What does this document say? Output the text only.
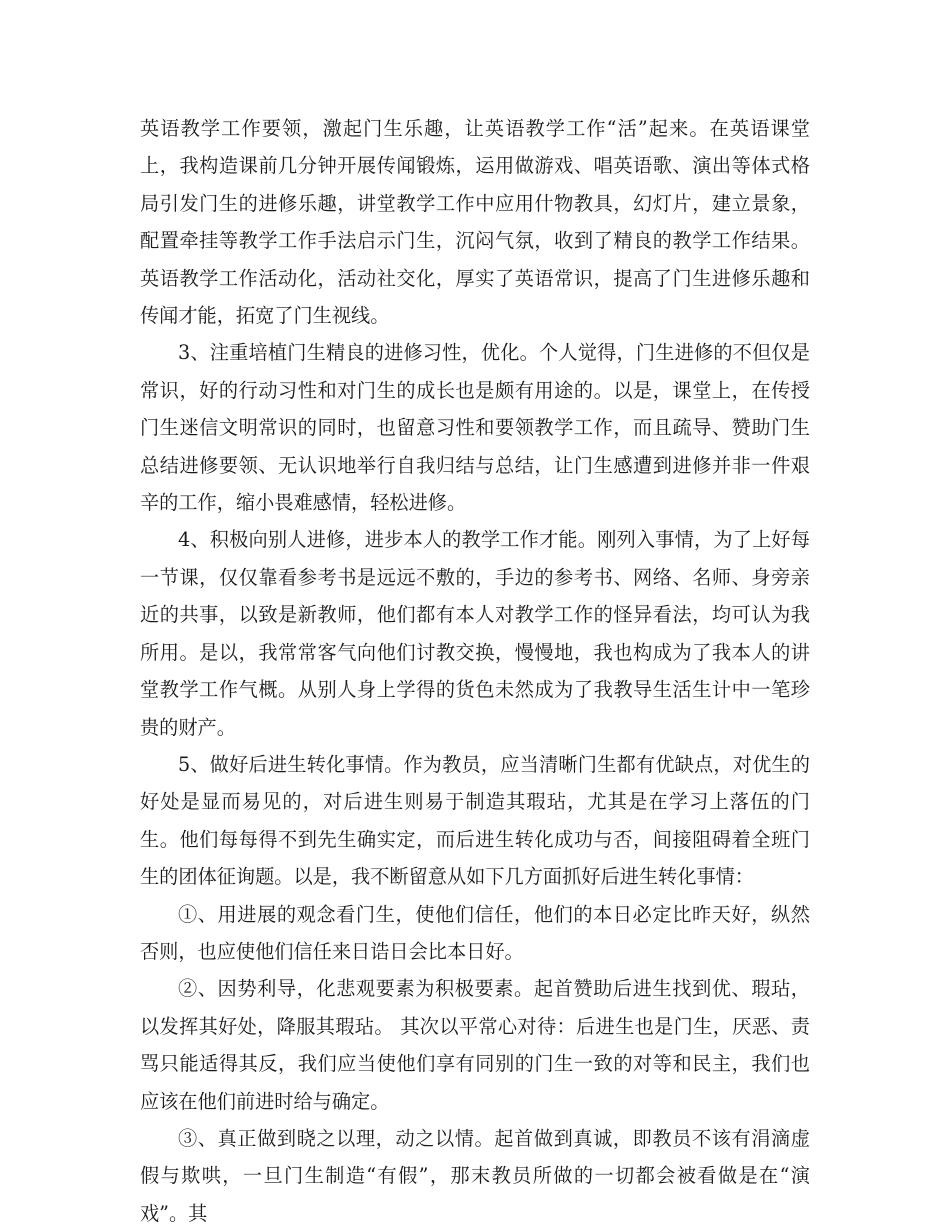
英语教学工作要领，激起门生乐趣，让英语教学工作“活”起来。在英语课堂上，我构造课前几分钟开展传闻锻炼，运用做游戏、唱英语歌、演出等体式格局引发门生的进修乐趣，讲堂教学工作中应用什物教具，幻灯片，建立景象，配置牵挂等教学工作手法启示门生，沉闷气氛，收到了精良的教学工作结果。英语教学工作活动化，活动社交化，厚实了英语常识，提高了门生进修乐趣和传闻才能，拓宽了门生视线。

3、注重培植门生精良的进修习性，优化。个人觉得，门生进修的不但仅是常识，好的行动习性和对门生的成长也是颇有用途的。以是，课堂上，在传授门生迷信文明常识的同时，也留意习性和要领教学工作，而且疏导、赞助门生总结进修要领、无认识地举行自我归结与总结，让门生感遭到进修并非一件艰辛的工作，缩小畏难感情，轻松进修。

4、积极向别人进修，进步本人的教学工作才能。刚列入事情，为了上好每一节课，仅仅靠看参考书是远远不敷的，手边的参考书、网络、名师、身旁亲近的共事，以致是新教师，他们都有本人对教学工作的怪异看法，均可认为我所用。是以，我常常客气向他们讨教交换，慢慢地，我也构成为了我本人的讲堂教学工作气概。从别人身上学得的货色未然成为了我教导生活生计中一笔珍贵的财产。

5、做好后进生转化事情。作为教员，应当清晰门生都有优缺点，对优生的好处是显而易见的，对后进生则易于制造其瑕玷，尤其是在学习上落伍的门生。他们每每得不到先生确实定，而后进生转化成功与否，间接阻碍着全班门生的团体征询题。以是，我不断留意从如下几方面抓好后进生转化事情：

①、用进展的观念看门生，使他们信任，他们的本日必定比昨天好，纵然否则，也应使他们信任来日诰日会比本日好。

②、因势利导，化悲观要素为积极要素。起首赞助后进生找到优、瑕玷，以发挥其好处，降服其瑕玷。 其次以平常心对待：后进生也是门生，厌恶、责骂只能适得其反，我们应当使他们享有同别的门生一致的对等和民主，我们也应该在他们前进时给与确定。

③、真正做到晓之以理，动之以情。起首做到真诚，即教员不该有涓滴虚假与欺哄，一旦门生制造“有假”，那末教员所做的一切都会被看做是在“演戏”。其
